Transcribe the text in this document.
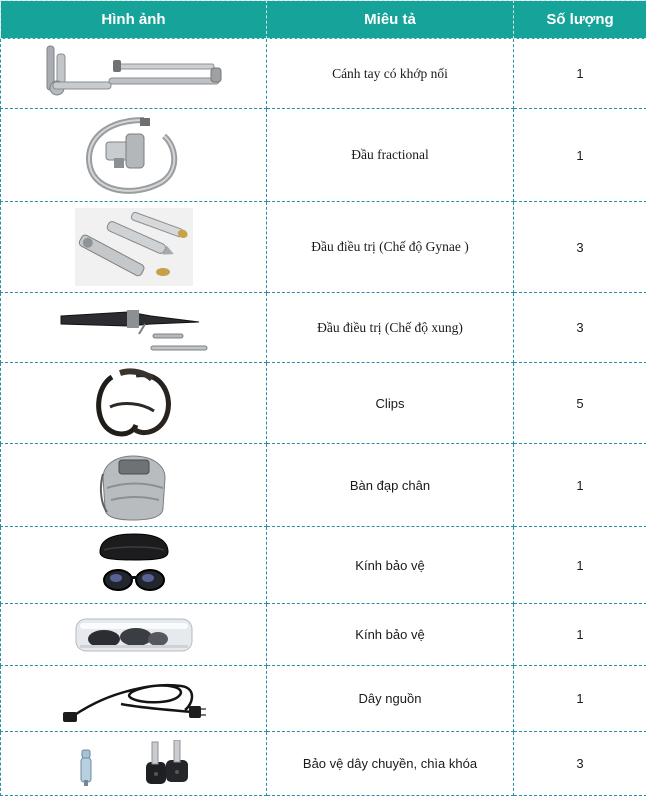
Hình ảnh	Miêu tả	Số lượng

	Cánh tay có khớp nối	1

	Đầu fractional	1

	Đầu điều trị (Chế độ Gynae )	3

	Đầu điều trị (Chế độ xung)	3

	Clips	5

	Bàn đạp chân	1

	Kính bảo vệ	1

	Kính bảo vệ	1

	Dây nguồn	1

	Bảo vệ dây chuyền, chìa khóa	3
